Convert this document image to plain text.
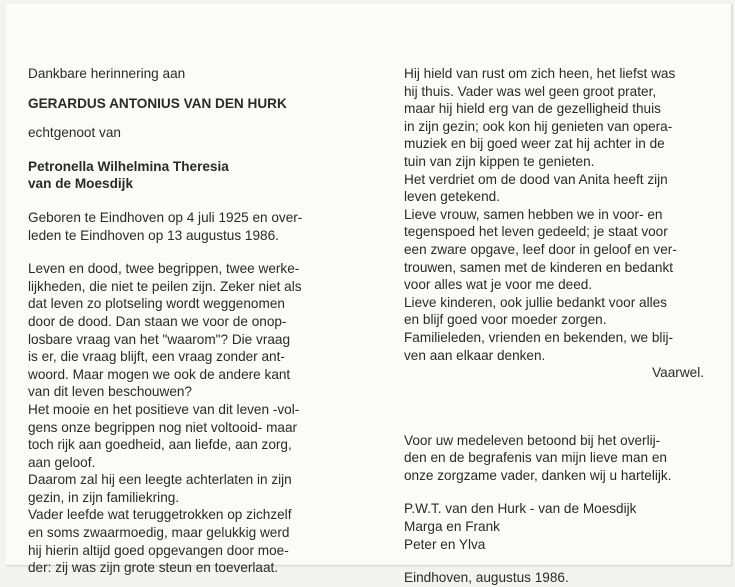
Dankbare herinnering aan

GERARDUS ANTONIUS VAN DEN HURK

echtgenoot van

Petronella Wilhelmina Theresia

van de Moesdijk

Geboren te Eindhoven op 4 juli 1925 en over-

leden te Eindhoven op 13 augustus 1986.

Leven en dood, twee begrippen, twee werke-

lijkheden, die niet te peilen zijn. Zeker niet als

dat leven zo plotseling wordt weggenomen

door de dood. Dan staan we voor de onop-

losbare vraag van het "waarom"? Die vraag

is er, die vraag blijft, een vraag zonder ant-

woord. Maar mogen we ook de andere kant

van dit leven beschouwen?

Het mooie en het positieve van dit leven -vol-

gens onze begrippen nog niet voltooid- maar

toch rijk aan goedheid, aan liefde, aan zorg,

aan geloof.

Daarom zal hij een leegte achterlaten in zijn

gezin, in zijn familiekring.

Vader leefde wat teruggetrokken op zichzelf

en soms zwaarmoedig, maar gelukkig werd

hij hierin altijd goed opgevangen door moe-

der: zij was zijn grote steun en toeverlaat.

Hij hield van rust om zich heen, het liefst was

hij thuis. Vader was wel geen groot prater,

maar hij hield erg van de gezelligheid thuis

in zijn gezin; ook kon hij genieten van opera-

muziek en bij goed weer zat hij achter in de

tuin van zijn kippen te genieten.

Het verdriet om de dood van Anita heeft zijn

leven getekend.

Lieve vrouw, samen hebben we in voor- en

tegenspoed het leven gedeeld; je staat voor

een zware opgave, leef door in geloof en ver-

trouwen, samen met de kinderen en bedankt

voor alles wat je voor me deed.

Lieve kinderen, ook jullie bedankt voor alles

en blijf goed voor moeder zorgen.

Familieleden, vrienden en bekenden, we blij-

ven aan elkaar denken.

Vaarwel.

Voor uw medeleven betoond bij het overlij-

den en de begrafenis van mijn lieve man en

onze zorgzame vader, danken wij u hartelijk.

P.W.T. van den Hurk - van de Moesdijk

Marga en Frank

Peter en Ylva

Eindhoven, augustus 1986.
